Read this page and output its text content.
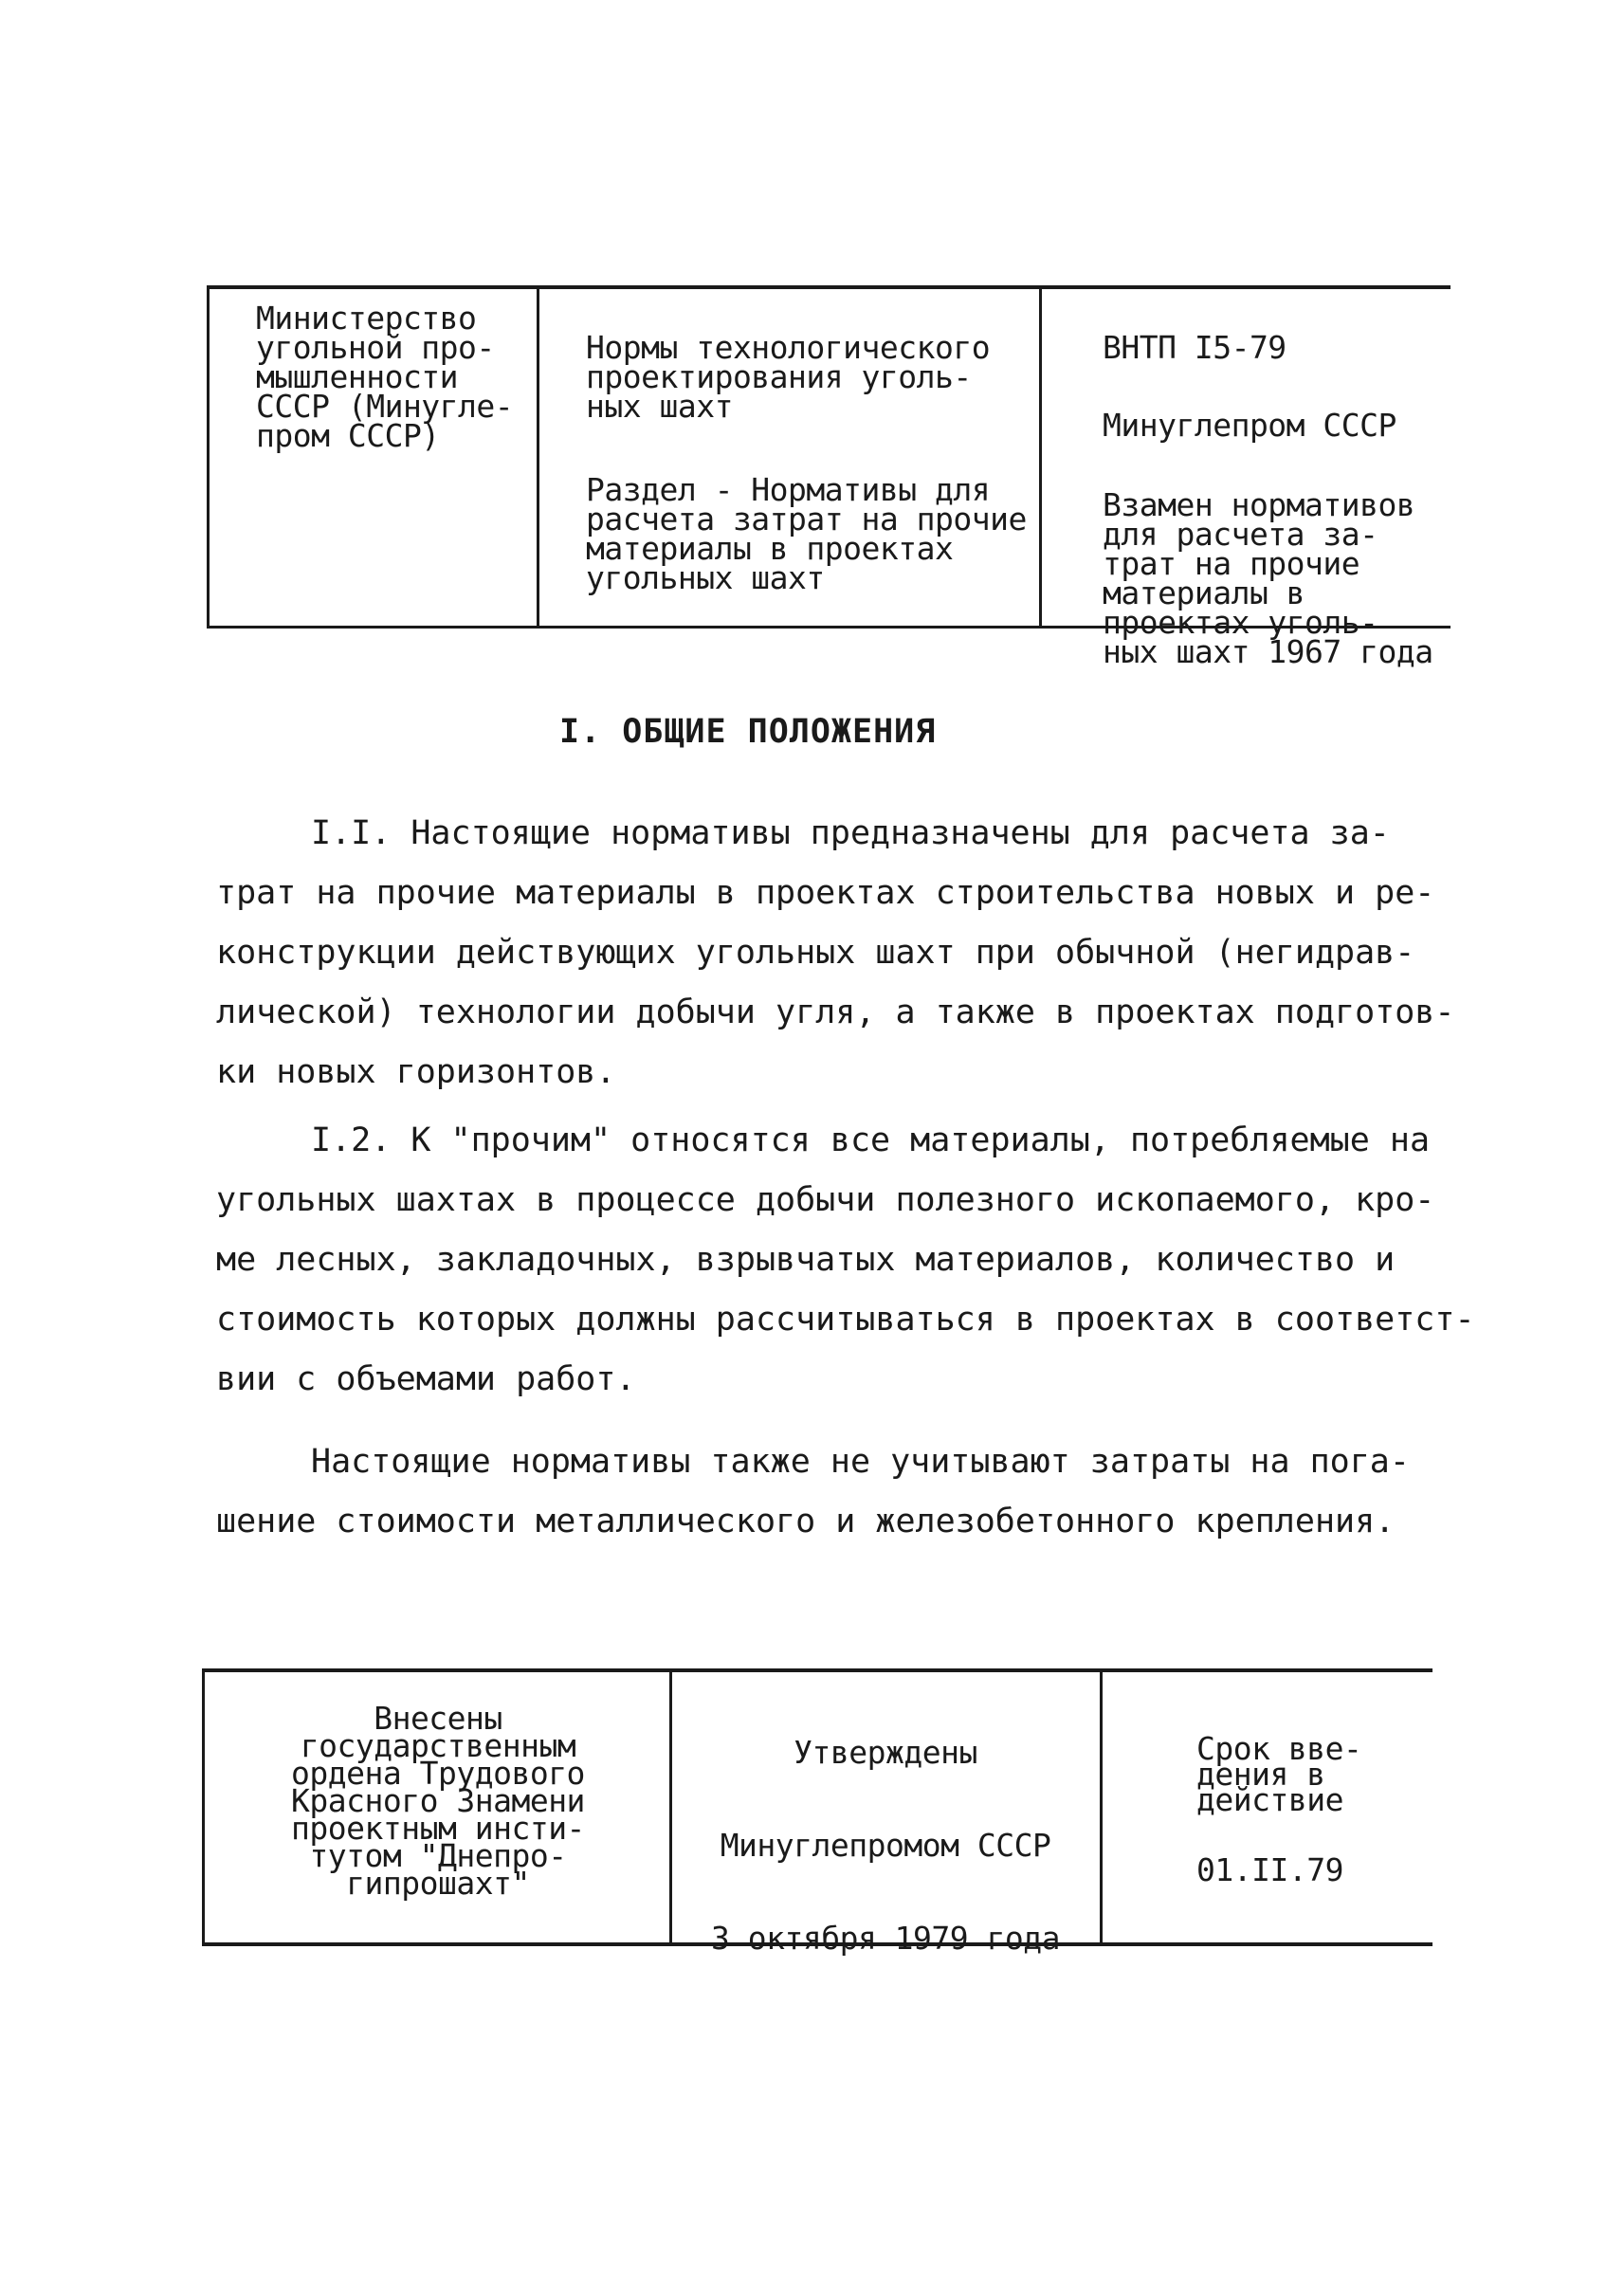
Министерство
угольной про-
мышленности
СССР (Минугле-
пром СССР)

Нормы технологического
проектирования уголь-
ных шахт

Раздел - Нормативы для
расчета затрат на прочие
материалы в проектах
угольных шахт

ВНТП I5-79

Минуглепром СССР

Взамен нормативов
для расчета за-
трат на прочие
материалы в
проектах уголь-
ных шахт 1967 года

I. ОБЩИЕ ПОЛОЖЕНИЯ
I.I. Настоящие нормативы предназначены для расчета за-
трат на прочие материалы в проектах строительства новых и ре-
конструкции действующих угольных шахт при обычной (негидрав-
лической) технологии добычи угля, а также в проектах подготов-
ки новых горизонтов.
I.2. К "прочим" относятся все материалы, потребляемые на
угольных шахтах в процессе добычи полезного ископаемого, кро-
ме лесных, закладочных, взрывчатых материалов, количество и
стоимость которых должны рассчитываться в проектах в соответст-
вии с объемами работ.
Настоящие нормативы также не учитывают затраты на пога-
шение стоимости металлического и железобетонного крепления.
Внесены
государственным
ордена Трудового
Красного Знамени
проектным инсти-
тутом "Днепро-
гипрошахт"

Утверждены

Минуглепромом СССР

3 октября 1979 года

Срок вве-
дения в
действие

01.II.79
